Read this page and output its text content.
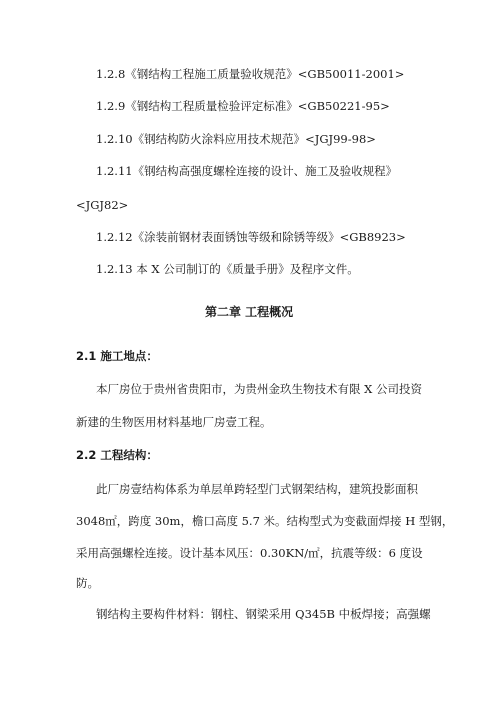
1.2.8《钢结构工程施工质量验收规范》<GB50011-2001>
1.2.9《钢结构工程质量检验评定标准》<GB50221-95>
1.2.10《钢结构防火涂料应用技术规范》<JGJ99-98>
1.2.11《钢结构高强度螺栓连接的设计、施工及验收规程》
<JGJ82>
1.2.12《涂装前钢材表面锈蚀等级和除锈等级》<GB8923>
1.2.13 本 X 公司制订的《质量手册》及程序文件。
第二章 工程概况
2.1 施工地点：
本厂房位于贵州省贵阳市，为贵州金玖生物技术有限 X 公司投资
新建的生物医用材料基地厂房壹工程。
2.2 工程结构：
此厂房壹结构体系为单层单跨轻型门式钢架结构，建筑投影面积
3048㎡，跨度 30m，檐口高度 5.7 米。结构型式为变截面焊接 H 型钢，
采用高强螺栓连接。设计基本风压：0.30KN/㎡，抗震等级：6 度设
防。
钢结构主要构件材料：钢柱、钢梁采用 Q345B 中板焊接；高强螺
